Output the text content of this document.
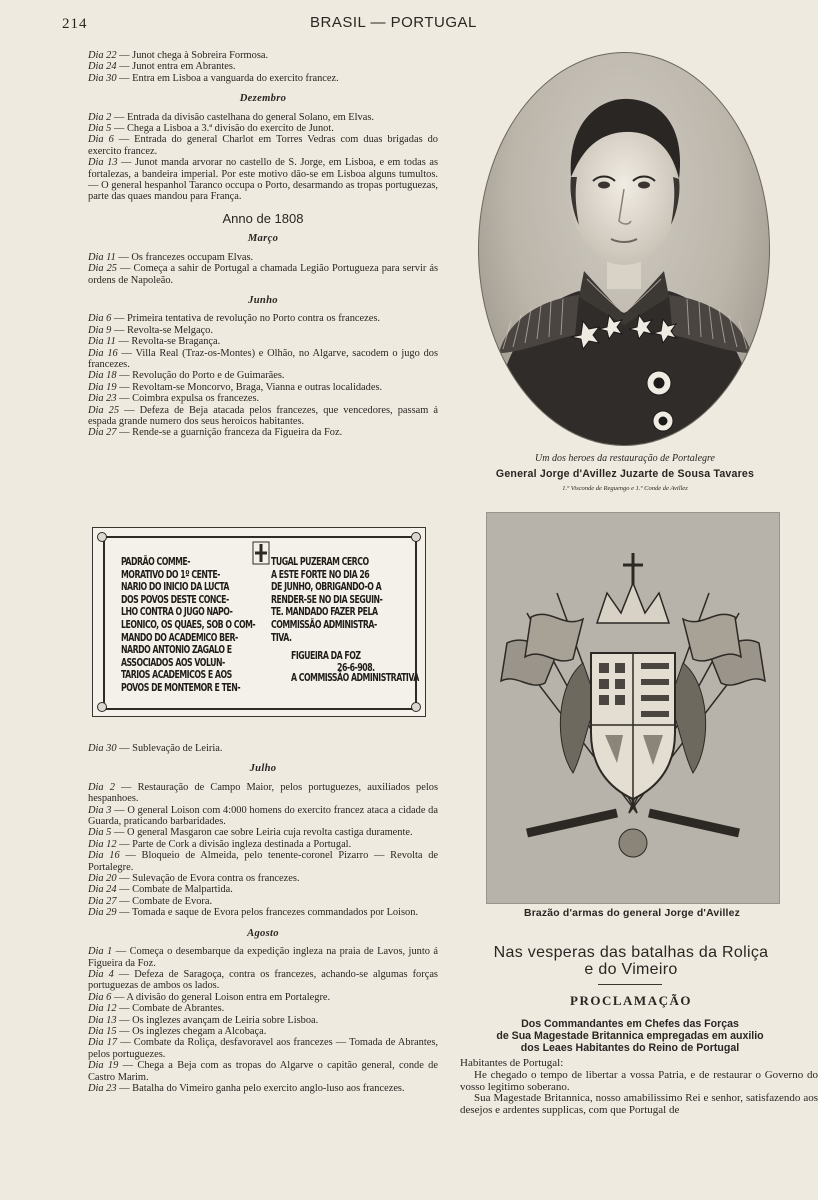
214	BRASIL — PORTUGAL
Dia 22 — Junot chega à Sobreira Formosa.
Dia 24 — Junot entra em Abrantes.
Dia 30 — Entra em Lisboa a vanguarda do exercito francez.
Dezembro
Dia 2 — Entrada da divisão castelhana do general Solano, em Elvas.
Dia 5 — Chega a Lisboa a 3.ª divisão do exercito de Junot.
Dia 6 — Entrada do general Charlot em Torres Vedras com duas brigadas do exercito francez.
Dia 13 — Junot manda arvorar no castello de S. Jorge, em Lisboa, e em todas as fortalezas, a bandeira imperial. Por este motivo dão-se em Lisboa alguns tumultos. — O general hespanhol Taranco occupa o Porto, desarmando as tropas portuguezas, parte das quaes mandou para França.
Anno de 1808
Março
Dia 11 — Os francezes occupam Elvas.
Dia 25 — Começa a sahir de Portugal a chamada Legião Portugueza para servir ás ordens de Napoleão.
Junho
Dia 6 — Primeira tentativa de revolução no Porto contra os francezes.
Dia 9 — Revolta-se Melgaço.
Dia 11 — Revolta-se Bragança.
Dia 16 — Villa Real (Traz-os-Montes) e Olhão, no Algarve, sacodem o jugo dos francezes.
Dia 18 — Revolução do Porto e de Guimarães.
Dia 19 — Revoltam-se Moncorvo, Braga, Vianna e outras localidades.
Dia 23 — Coimbra expulsa os francezes.
Dia 25 — Defeza de Beja atacada pelos francezes, que vencedores, passam á espada grande numero dos seus heroicos habitantes.
Dia 27 — Rende-se a guarnição franceza da Figueira da Foz.
PADRÃO COMME-
MORATIVO DO 1º CENTE-
NARIO DO INICIO DA LUCTA
DOS POVOS DESTE CONCE-
LHO CONTRA O JUGO NAPO-
LEONICO, OS QUAES, SOB O COM-
MANDO DO ACADEMICO BER-
NARDO ANTONIO ZAGALO E
ASSOCIADOS AOS VOLUN-
TARIOS ACADEMICOS E AOS
POVOS DE MONTEMOR E TEN-
TUGAL PUZERAM CERCO
A ESTE FORTE NO DIA 26
DE JUNHO, OBRIGANDO-O A
RENDER-SE NO DIA SEGUIN-
TE. MANDADO FAZER PELA
COMMISSÃO ADMINISTRA-
TIVA.
FIGUEIRA DA FOZ
26-6-908.
A COMMISSÃO ADMINISTRATIVA
Dia 30 — Sublevação de Leiria.
Julho
Dia 2 — Restauração de Campo Maior, pelos portuguezes, auxiliados pelos hespanhoes.
Dia 3 — O general Loison com 4:000 homens do exercito francez ataca a cidade da Guarda, praticando barbaridades.
Dia 5 — O general Masgaron cae sobre Leiria cuja revolta castiga duramente.
Dia 12 — Parte de Cork a divisão ingleza destinada a Portugal.
Dia 16 — Bloqueio de Almeida, pelo tenente-coronel Pizarro — Revolta de Portalegre.
Dia 20 — Sulevação de Evora contra os francezes.
Dia 24 — Combate de Malpartida.
Dia 27 — Combate de Evora.
Dia 29 — Tomada e saque de Evora pelos francezes commandados por Loison.
Agosto
Dia 1 — Começa o desembarque da expedição ingleza na praia de Lavos, junto á Figueira da Foz.
Dia 4 — Defeza de Saragoça, contra os francezes, achando-se algumas forças portuguezas de ambos os lados.
Dia 6 — A divisão do general Loison entra em Portalegre.
Dia 12 — Combate de Abrantes.
Dia 13 — Os inglezes avançam de Leiria sobre Lisboa.
Dia 15 — Os inglezes chegam a Alcobaça.
Dia 17 — Combate da Roliça, desfavoravel aos francezes — Tomada de Abrantes, pelos portuguezes.
Dia 19 — Chega a Beja com as tropas do Algarve o capitão general, conde de Castro Marim.
Dia 23 — Batalha do Vimeiro ganha pelo exercito anglo-luso aos francezes.
Um dos heroes da restauração de Portalegre
General Jorge d'Avillez Juzarte de Sousa Tavares
1.º Visconde de Reguengo e 1.º Conde de Avillez
Brazão d'armas do general Jorge d'Avillez
Nas vesperas das batalhas da Roliça
e do Vimeiro
PROCLAMAÇÃO
Dos Commandantes em Chefes das Forças
de Sua Magestade Britannica empregadas em auxilio
dos Leaes Habitantes do Reino de Portugal

Habitantes de Portugal:

He chegado o tempo de libertar a vossa Patria, e de restaurar o Governo do vosso legitimo soberano.

Sua Magestade Britannica, nosso amabilissimo Rei e senhor, satisfazendo aos desejos e ardentes supplicas, com que Portugal de
